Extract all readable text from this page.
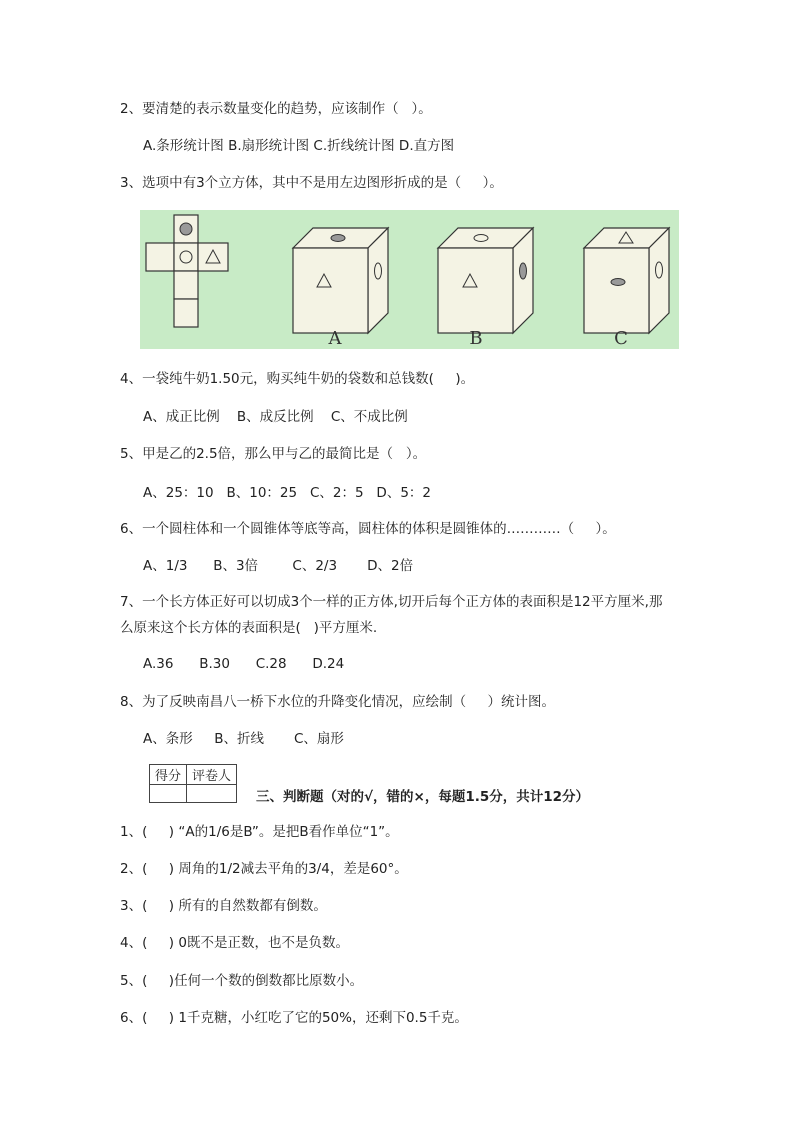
2、要清楚的表示数量变化的趋势，应该制作（   ）。
A.条形统计图 B.扇形统计图 C.折线统计图 D.直方图
3、选项中有3个立方体，其中不是用左边图形折成的是（     ）。
A	B	C
4、一袋纯牛奶1.50元，购买纯牛奶的袋数和总钱数(     )。
A、成正比例    B、成反比例    C、不成比例
5、甲是乙的2.5倍，那么甲与乙的最简比是（   ）。
A、25：10   B、10：25   C、2：5   D、5：2
6、一个圆柱体和一个圆锥体等底等高，圆柱体的体积是圆锥体的…………（     ）。
A、1/3      B、3倍        C、2/3       D、2倍
7、一个长方体正好可以切成3个一样的正方体,切开后每个正方体的表面积是12平方厘米,那
么原来这个长方体的表面积是(   )平方厘米.
A.36      B.30      C.28      D.24
8、为了反映南昌八一桥下水位的升降变化情况，应绘制（     ）统计图。
A、条形     B、折线       C、扇形
得分	评卷人

三、判断题（对的√，错的×，每题1.5分，共计12分）
1、(     ) “A的1/6是B”。是把B看作单位“1”。
2、(     ) 周角的1/2减去平角的3/4，差是60°。
3、(     ) 所有的自然数都有倒数。
4、(     ) 0既不是正数，也不是负数。
5、(     )任何一个数的倒数都比原数小。
6、(     ) 1千克糖，小红吃了它的50%，还剩下0.5千克。
